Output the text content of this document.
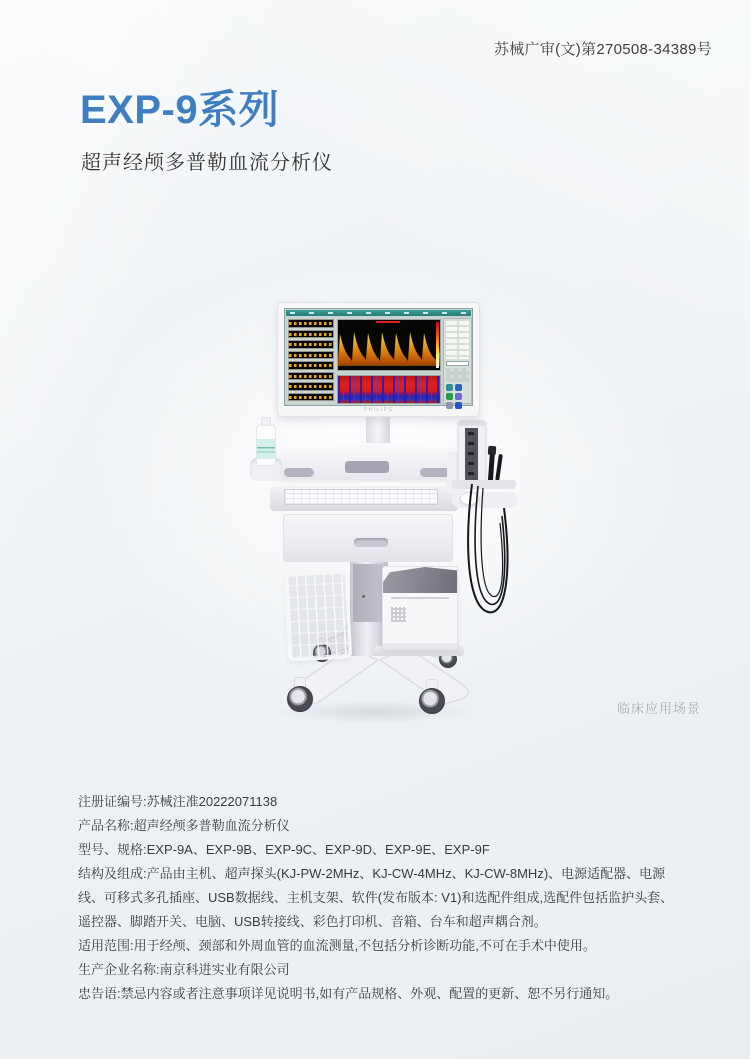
苏械广审(文)第270508-34389号
EXP-9系列
超声经颅多普勒血流分析仪
PHILIPS
临床应用场景

注册证编号:苏械注准20222071138

产品名称:超声经颅多普勒血流分析仪

型号、规格:EXP-9A、EXP-9B、EXP-9C、EXP-9D、EXP-9E、EXP-9F

结构及组成:产品由主机、超声探头(KJ-PW-2MHz、KJ-CW-4MHz、KJ-CW-8MHz)、电源适配器、电源线、可移式多孔插座、USB数据线、主机支架、软件(发布版本: V1)和选配件组成,选配件包括监护头套、遥控器、脚踏开关、电脑、USB转接线、彩色打印机、音箱、台车和超声耦合剂。

适用范围:用于经颅、颈部和外周血管的血流测量,不包括分析诊断功能,不可在手术中使用。

生产企业名称:南京科进实业有限公司

忠告语:禁忌内容或者注意事项详见说明书,如有产品规格、外观、配置的更新、恕不另行通知。
